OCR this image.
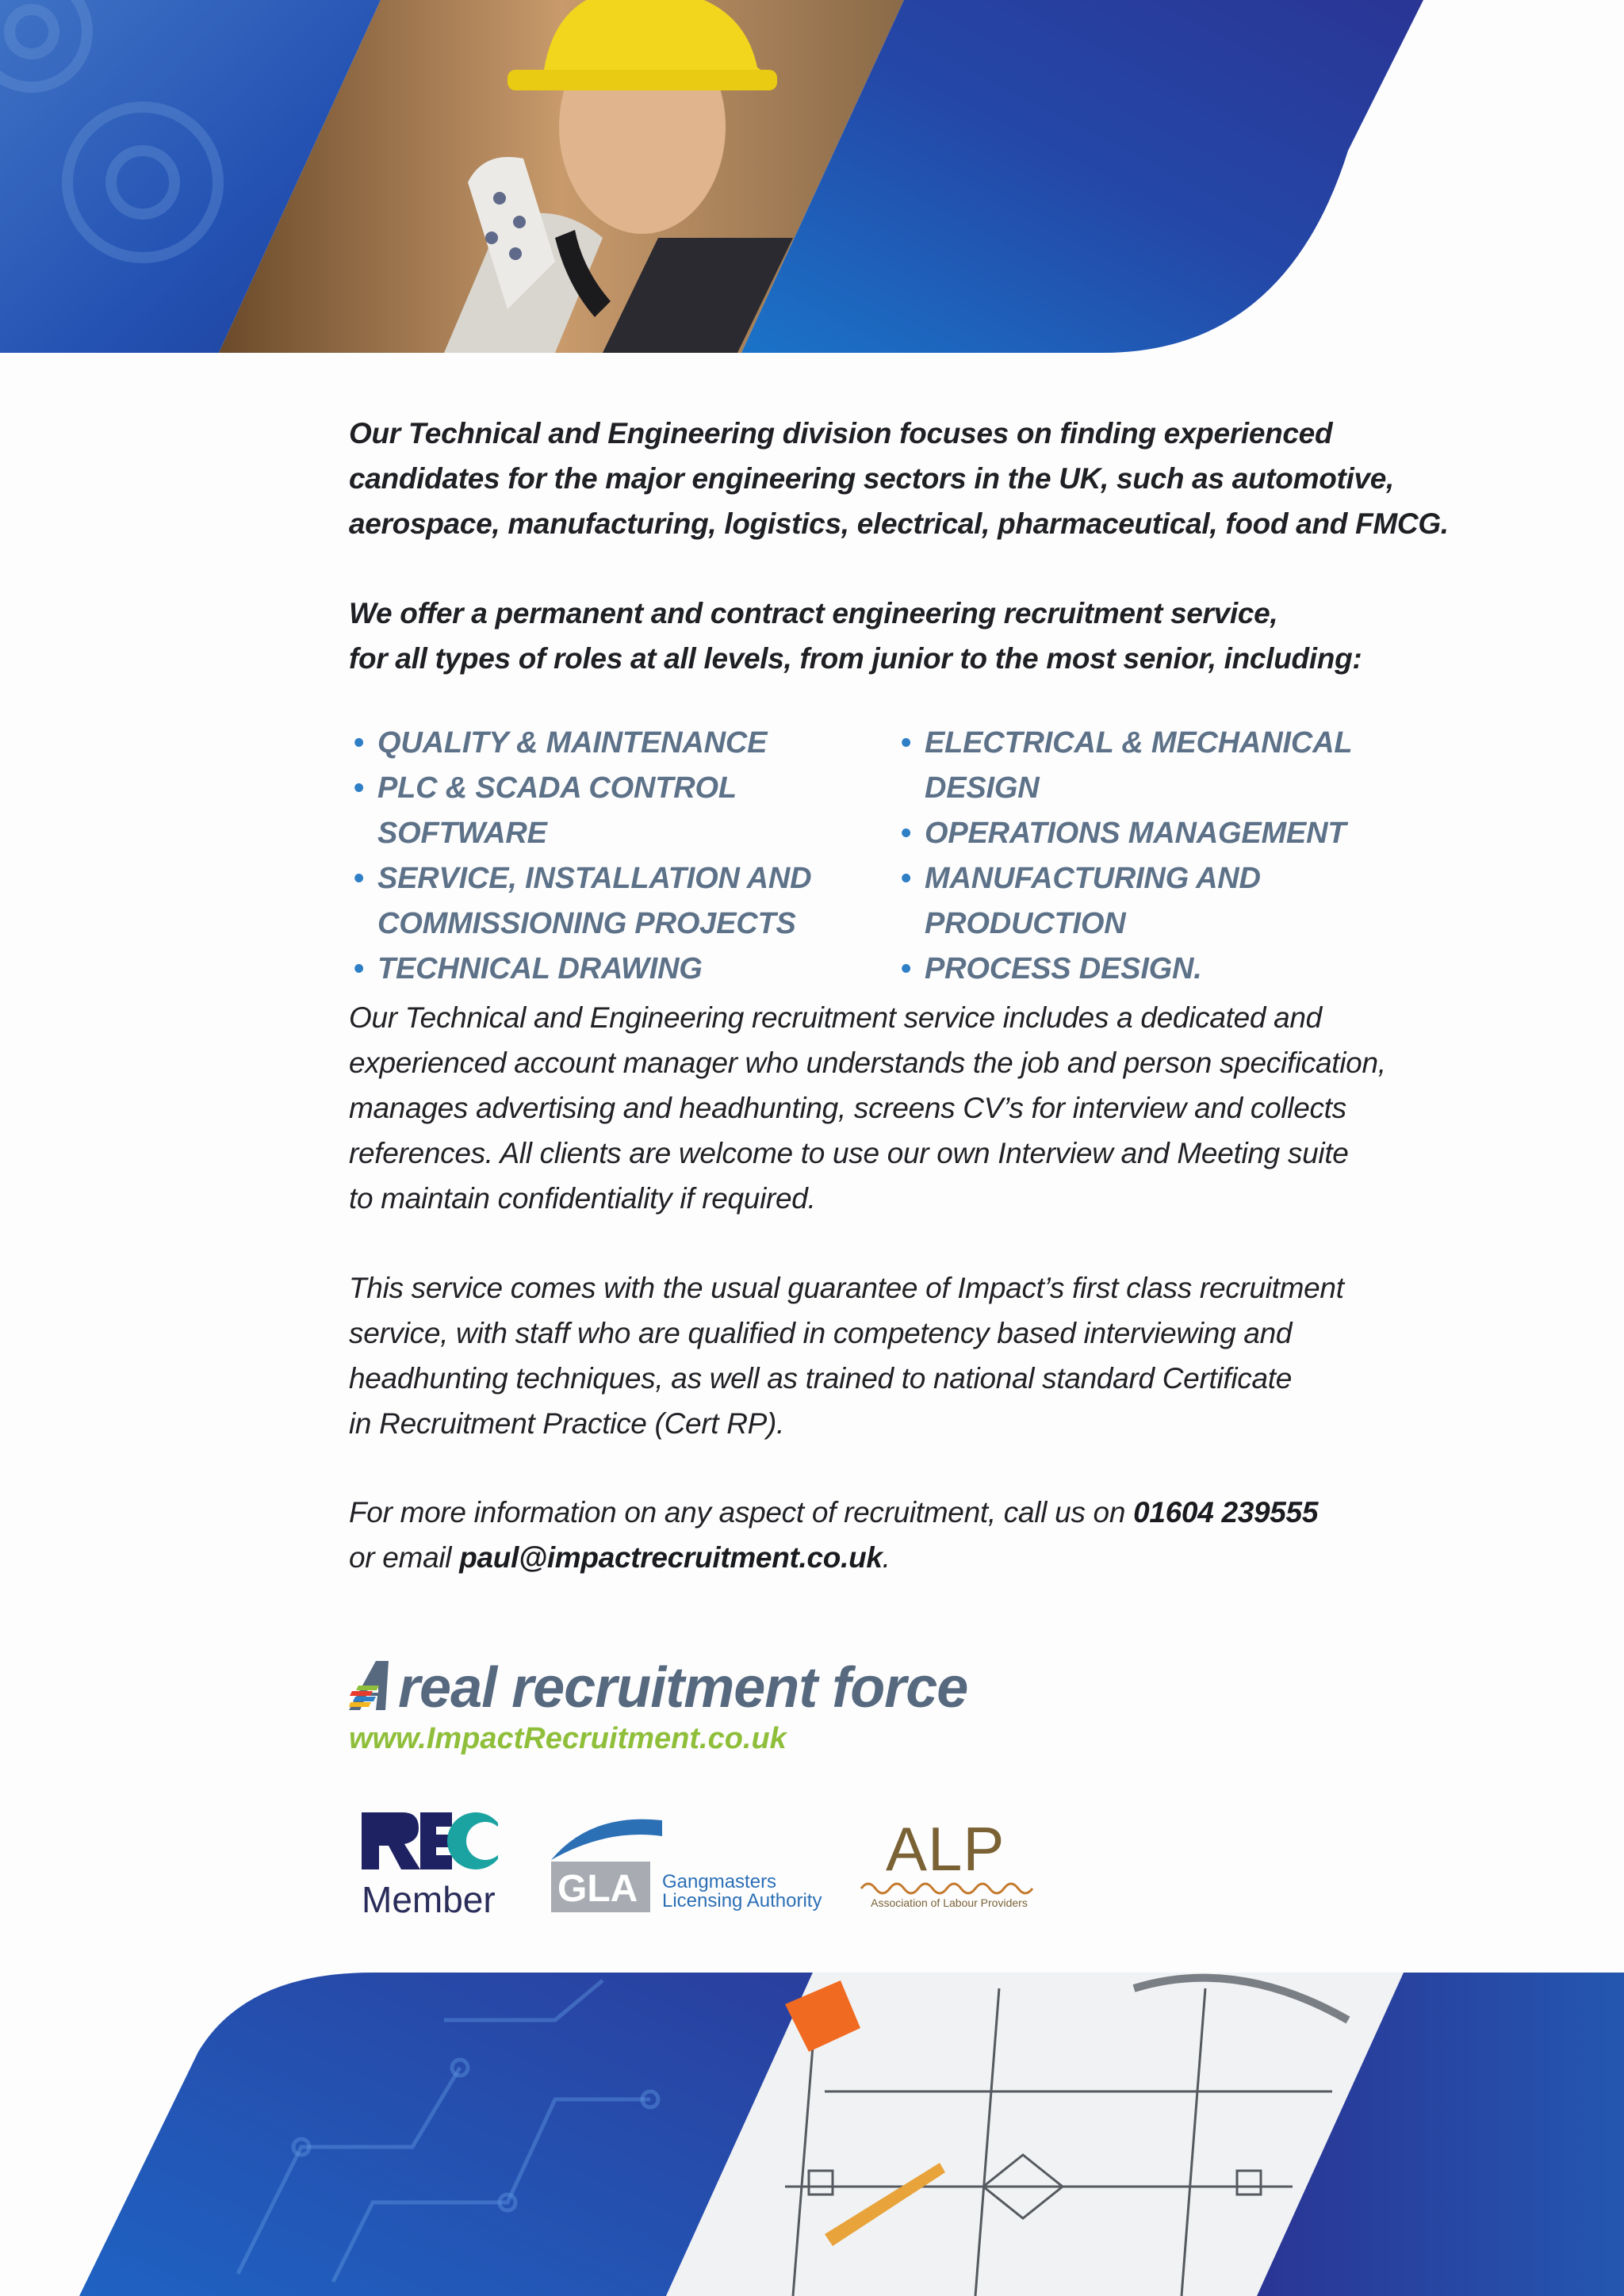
Our Technical and Engineering division focuses on finding experienced
candidates for the major engineering sectors in the UK, such as automotive,
aerospace, manufacturing, logistics, electrical, pharmaceutical, food and FMCG.

We offer a permanent and contract engineering recruitment service,
for all types of roles at all levels, from junior to the most senior, including:

• QUALITY & MAINTENANCE
• PLC & SCADA CONTROL SOFTWARE
• SERVICE, INSTALLATION AND
COMMISSIONING PROJECTS
• TECHNICAL DRAWING
• ELECTRICAL & MECHANICAL DESIGN
• OPERATIONS MANAGEMENT
• MANUFACTURING AND PRODUCTION
• PROCESS DESIGN.

Our Technical and Engineering recruitment service includes a dedicated and
experienced account manager who understands the job and person specification,
manages advertising and headhunting, screens CV’s for interview and collects
references. All clients are welcome to use our own Interview and Meeting suite
to maintain confidentiality if required.

This service comes with the usual guarantee of Impact’s first class recruitment
service, with staff who are qualified in competency based interviewing and
headhunting techniques, as well as trained to national standard Certificate
in Recruitment Practice (Cert RP).

For more information on any aspect of recruitment, call us on 01604 239555
or email paul@impactrecruitment.co.uk.

real recruitment force

www.ImpactRecruitment.co.uk

Member GLA Gangmasters
Licensing Authority

ALP

Association of Labour Providers
